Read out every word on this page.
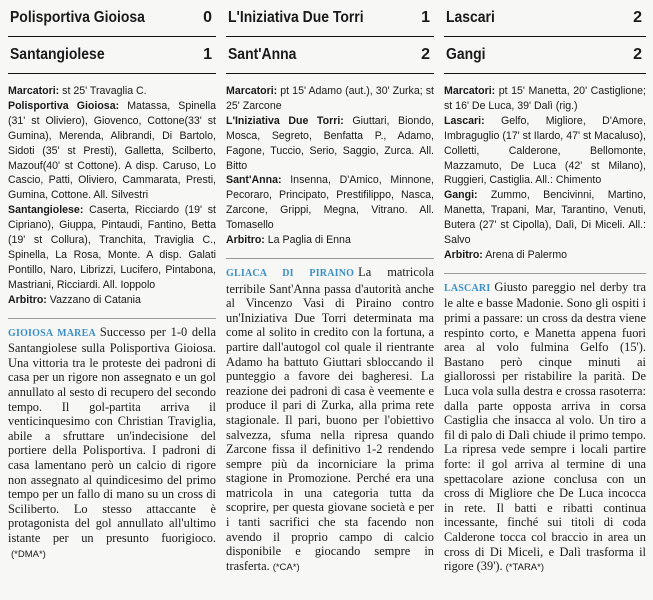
Polisportiva Gioiosa	0
Santangiolese	1

Marcatori: st 25' Travaglia C.

Polisportiva Gioiosa: Matassa, Spinella (31' st Oliviero), Giovenco, Cottone(33' st Gumina), Merenda, Alibrandi, Di Bartolo, Sidoti (35' st Presti), Galletta, Scilberto, Mazouf(40' st Cottone). A disp. Caruso, Lo Cascio, Patti, Oliviero, Cammarata, Presti, Gumina, Cottone. All. Silvestri

Santangiolese: Caserta, Ricciardo (19' st Cipriano), Giuppa, Pintaudi, Fantino, Betta (19' st Collura), Tranchita, Traviglia C., Spinella, La Rosa, Monte. A disp. Galati Pontillo, Naro, Librizzi, Lucifero, Pintabona, Mastriani, Ricciardi. All. Ioppolo

Arbitro: Vazzano di Catania

GIOIOSA MAREA Successo per 1-0 della Santangiolese sulla Polisportiva Gioiosa. Una vittoria tra le proteste dei padroni di casa per un rigore non assegnato e un gol annullato al sesto di recupero del secondo tempo. Il gol-partita arriva il venticinquesimo con Christian Traviglia, abile a sfruttare un'indecisione del portiere della Polisportiva. I padroni di casa lamentano però un calcio di rigore non assegnato al quindicesimo del primo tempo per un fallo di mano su un cross di Sciliberto. Lo stesso attaccante è protagonista del gol annullato all'ultimo istante per un presunto fuorigioco.(*DMA*)
L'Iniziativa Due Torri	1
Sant'Anna	2

Marcatori: pt 15' Adamo (aut.), 30' Zurka; st 25' Zarcone

L'Iniziativa Due Torri: Giuttari, Biondo, Mosca, Segreto, Benfatta P., Adamo, Fagone, Tuccio, Serio, Saggio, Zurca. All. Bitto

Sant'Anna: Insenna, D'Amico, Minnone, Pecoraro, Principato, Prestifilippo, Nasca, Zarcone, Grippi, Megna, Vitrano. All. Tomasello

Arbitro: La Paglia di Enna

GLIACA DI PIRAINO La matricola terribile Sant'Anna passa d'autorità anche al Vincenzo Vasi di Piraino contro un'Iniziativa Due Torri determinata ma come al solito in credito con la fortuna, a partire dall'autogol col quale il rientrante Adamo ha battuto Giuttari sbloccando il punteggio a favore dei bagheresi. La reazione dei padroni di casa è veemente e produce il pari di Zurka, alla prima rete stagionale. Il pari, buono per l'obiettivo salvezza, sfuma nella ripresa quando Zarcone fissa il definitivo 1-2 rendendo sempre più da incorniciare la prima stagione in Promozione. Perché era una matricola in una categoria tutta da scoprire, per questa giovane società e per i tanti sacrifici che sta facendo non avendo il proprio campo di calcio disponibile e giocando sempre in trasferta. (*CA*)
Lascari	2
Gangi	2

Marcatori: pt 15' Manetta, 20' Castiglione; st 16' De Luca, 39' Dalì (rig.)

Lascari: Gelfo, Migliore, D'Amore, Imbraguglio (17' st Ilardo, 47' st Macaluso), Colletti, Calderone, Bellomonte, Mazzamuto, De Luca (42' st Milano), Ruggieri, Castiglia. All.: Chimento

Gangi: Zummo, Bencivinni, Martino, Manetta, Trapani, Mar, Tarantino, Venuti, Butera (27' st Cipolla), Dalì, Di Miceli. All.: Salvo

Arbitro: Arena di Palermo

LASCARI Giusto pareggio nel derby tra le alte e basse Madonie. Sono gli ospiti i primi a passare: un cross da destra viene respinto corto, e Manetta appena fuori area al volo fulmina Gelfo (15'). Bastano però cinque minuti ai giallorossi per ristabilire la parità. De Luca vola sulla destra e crossa rasoterra: dalla parte opposta arriva in corsa Castiglia che insacca al volo. Un tiro a fil di palo di Dalì chiude il primo tempo. La ripresa vede sempre i locali partire forte: il gol arriva al termine di una spettacolare azione conclusa con un cross di Migliore che De Luca incocca in rete. Il batti e ribatti continua incessante, finché sui titoli di coda Calderone tocca col braccio in area un cross di Di Miceli, e Dalì trasforma il rigore (39'). (*TARA*)
